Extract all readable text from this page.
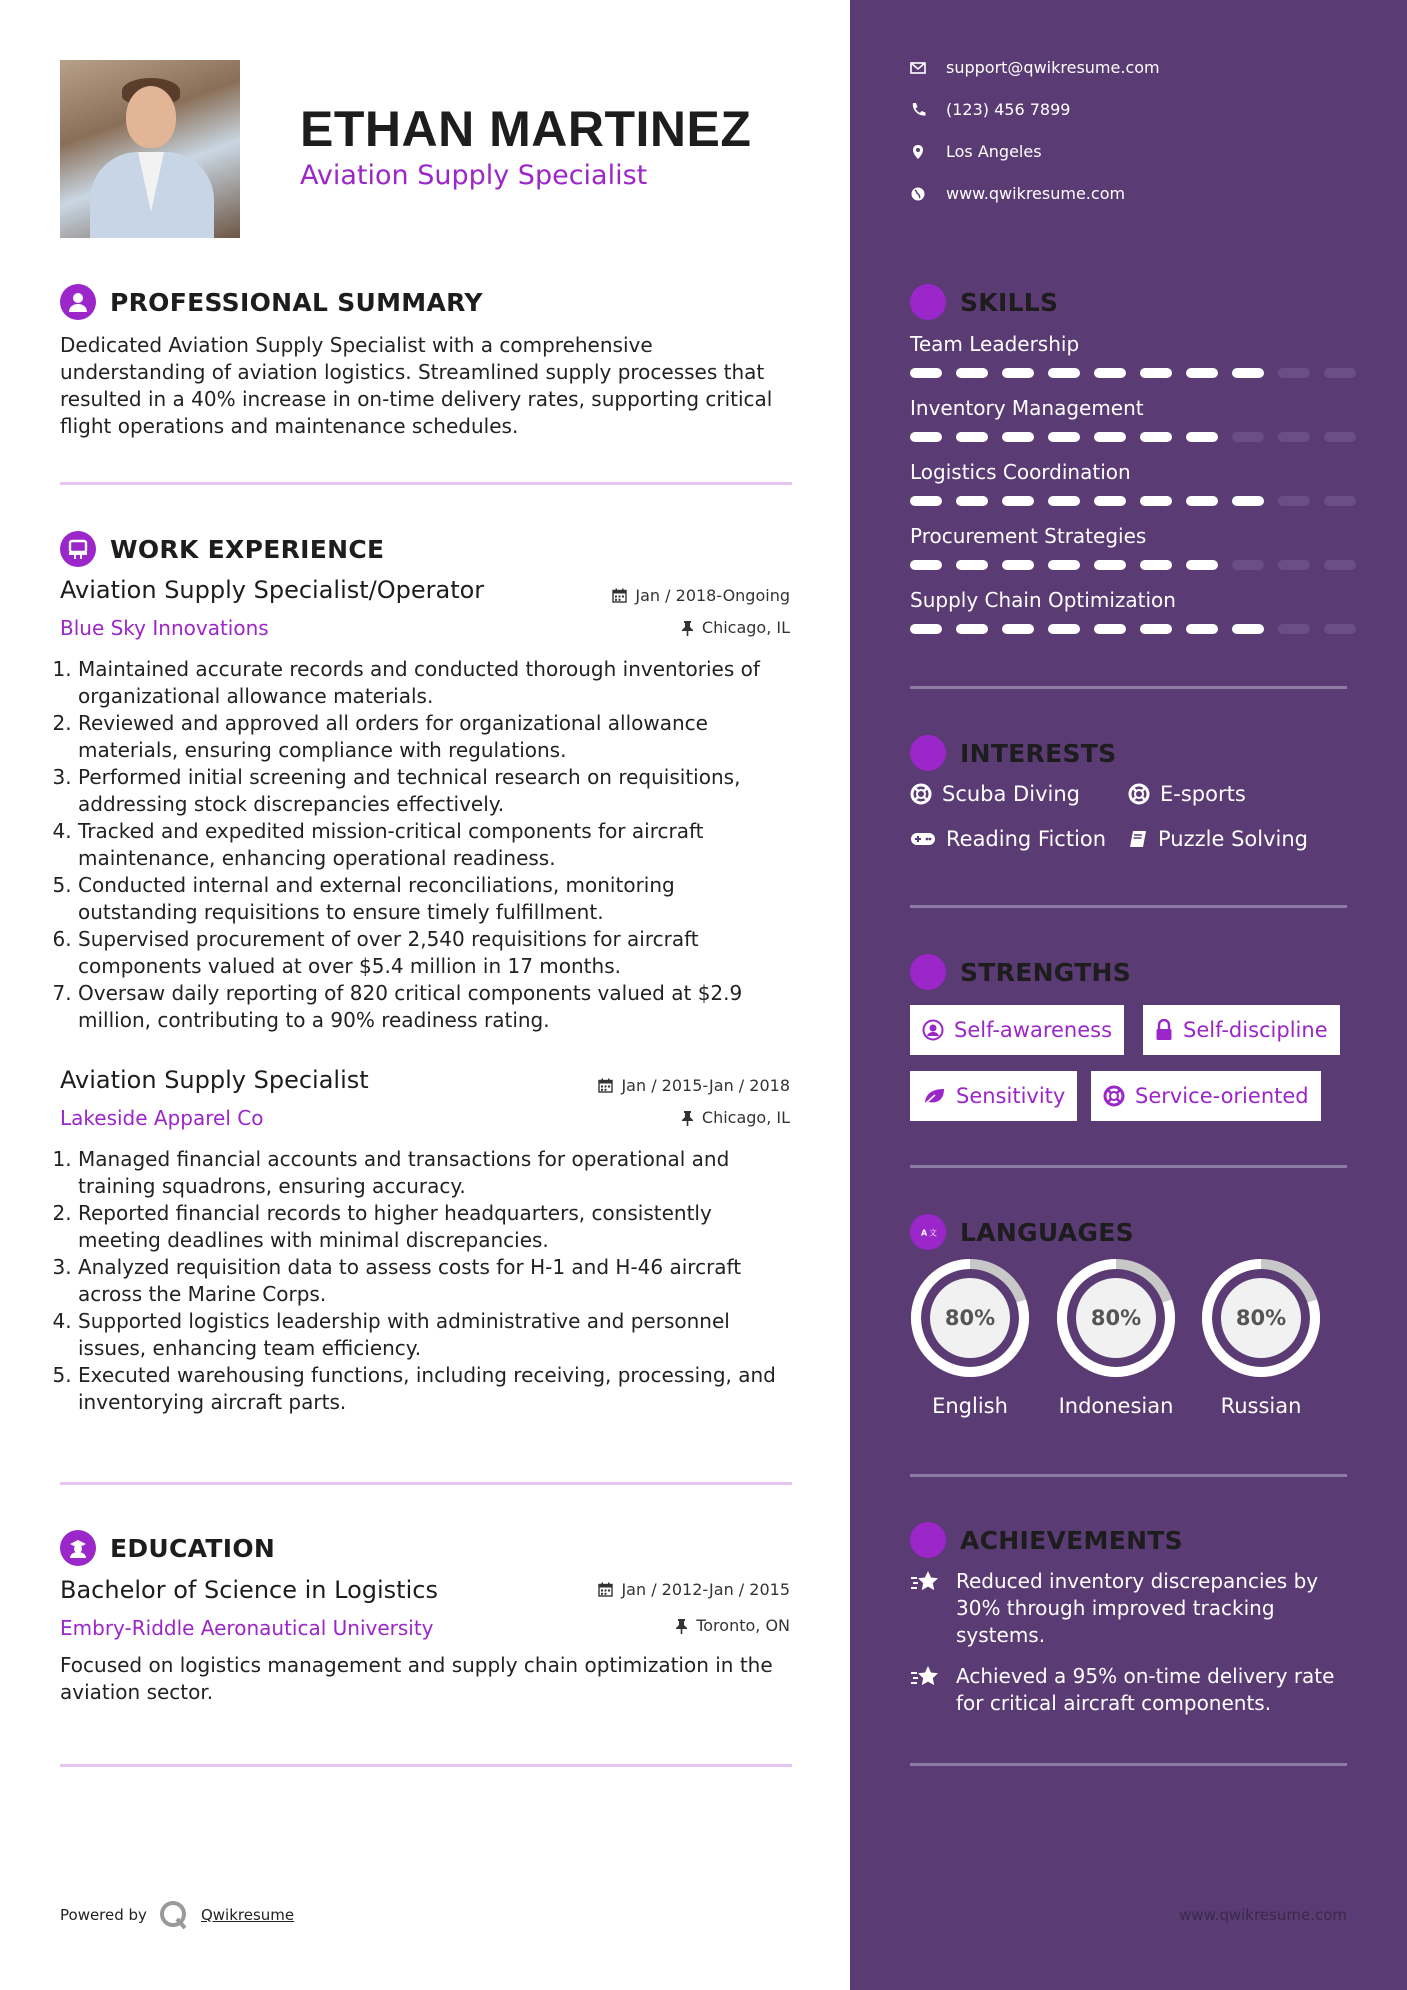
ETHAN MARTINEZ
Aviation Supply Specialist
PROFESSIONAL SUMMARY
Dedicated Aviation Supply Specialist with a comprehensive understanding of aviation logistics. Streamlined supply processes that resulted in a 40% increase in on-time delivery rates, supporting critical flight operations and maintenance schedules.
WORK EXPERIENCE
Aviation Supply Specialist/Operator	Jan / 2018-Ongoing
Blue Sky Innovations	Chicago, IL
1. Maintained accurate records and conducted thorough inventories of organizational allowance materials.
2. Reviewed and approved all orders for organizational allowance materials, ensuring compliance with regulations.
3. Performed initial screening and technical research on requisitions, addressing stock discrepancies effectively.
4. Tracked and expedited mission-critical components for aircraft maintenance, enhancing operational readiness.
5. Conducted internal and external reconciliations, monitoring outstanding requisitions to ensure timely fulfillment.
6. Supervised procurement of over 2,540 requisitions for aircraft components valued at over $5.4 million in 17 months.
7. Oversaw daily reporting of 820 critical components valued at $2.9 million, contributing to a 90% readiness rating.
Aviation Supply Specialist	Jan / 2015-Jan / 2018
Lakeside Apparel Co	Chicago, IL
1. Managed financial accounts and transactions for operational and training squadrons, ensuring accuracy.
2. Reported financial records to higher headquarters, consistently meeting deadlines with minimal discrepancies.
3. Analyzed requisition data to assess costs for H-1 and H-46 aircraft across the Marine Corps.
4. Supported logistics leadership with administrative and personnel issues, enhancing team efficiency.
5. Executed warehousing functions, including receiving, processing, and inventorying aircraft parts.
EDUCATION
Bachelor of Science in Logistics	Jan / 2012-Jan / 2015
Embry-Riddle Aeronautical University	Toronto, ON
Focused on logistics management and supply chain optimization in the aviation sector.
Powered by	Qwikresume
support@qwikresume.com
(123) 456 7899
Los Angeles
www.qwikresume.com
SKILLS
Team Leadership
Inventory Management
Logistics Coordination
Procurement Strategies
Supply Chain Optimization
INTERESTS
Scuba Diving	E-sports
Reading Fiction Puzzle Solving
STRENGTHS
Self-awareness	Self-discipline
Sensitivity	Service-oriented
A 文 LANGUAGES
80%
English
80%
Indonesian
80%
Russian
ACHIEVEMENTS
Reduced inventory discrepancies by 30% through improved tracking systems.
Achieved a 95% on-time delivery rate for critical aircraft components.
www.qwikresume.com
